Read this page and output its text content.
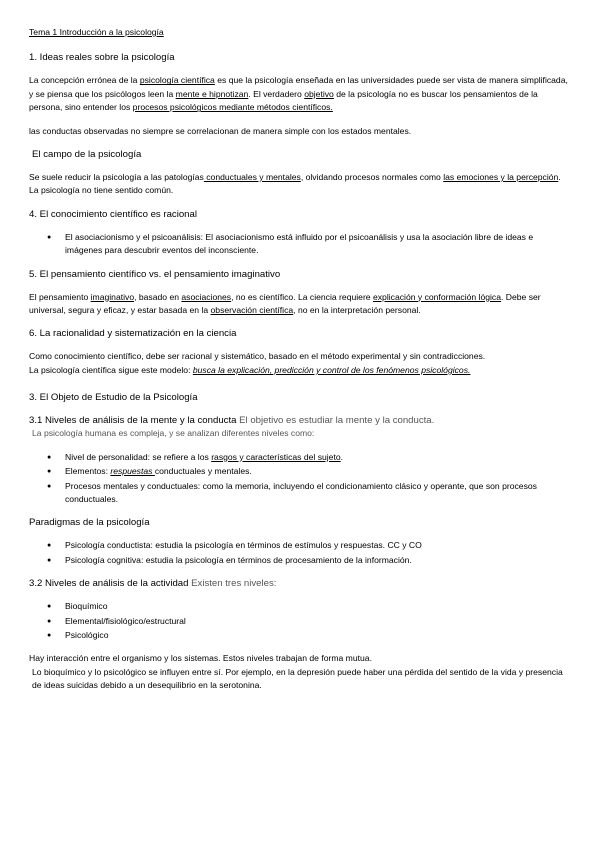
Tema 1 Introducción a la psicología

1. Ideas reales sobre la psicología

La concepción errónea de la psicología científica es que la psicología enseñada en las universidades puede ser vista de manera simplificada, y se piensa que los psicólogos leen la mente e hipnotizan. El verdadero objetivo de la psicología no es buscar los pensamientos de la persona, sino entender los procesos psicológicos mediante métodos científicos.

las conductas observadas no siempre se correlacionan de manera simple con los estados mentales.

El campo de la psicología

Se suele reducir la psicología a las patologías conductuales y mentales, olvidando procesos normales como las emociones y la percepción. La psicología no tiene sentido común.

4. El conocimiento científico es racional

● El asociacionismo y el psicoanálisis: El asociacionismo está influido por el psicoanálisis y usa la asociación libre de ideas e imágenes para descubrir eventos del inconsciente.

5. El pensamiento científico vs. el pensamiento imaginativo

El pensamiento imaginativo, basado en asociaciones, no es científico. La ciencia requiere explicación y conformación lógica. Debe ser universal, segura y eficaz, y estar basada en la observación científica, no en la interpretación personal.

6. La racionalidad y sistematización en la ciencia

Como conocimiento científico, debe ser racional y sistemático, basado en el método experimental y sin contradicciones.

La psicología científica sigue este modelo: busca la explicación, predicción y control de los fenómenos psicológicos.

3. El Objeto de Estudio de la Psicología

3.1 Niveles de análisis de la mente y la conducta El objetivo es estudiar la mente y la conducta.

La psicología humana es compleja, y se analizan diferentes niveles como:

● Nivel de personalidad: se refiere a los rasgos y características del sujeto.
● Elementos: respuestas conductuales y mentales.
● Procesos mentales y conductuales: como la memoria, incluyendo el condicionamiento clásico y operante, que son procesos conductuales.

Paradigmas de la psicología

● Psicología conductista: estudia la psicología en términos de estímulos y respuestas. CC y CO
● Psicología cognitiva: estudia la psicología en términos de procesamiento de la información.

3.2 Niveles de análisis de la actividad Existen tres niveles:

● Bioquímico
● Elemental/fisiológico/estructural
● Psicológico

Hay interacción entre el organismo y los sistemas. Estos niveles trabajan de forma mutua.

Lo bioquímico y lo psicológico se influyen entre sí. Por ejemplo, en la depresión puede haber una pérdida del sentido de la vida y presencia de ideas suicidas debido a un desequilibrio en la serotonina.
